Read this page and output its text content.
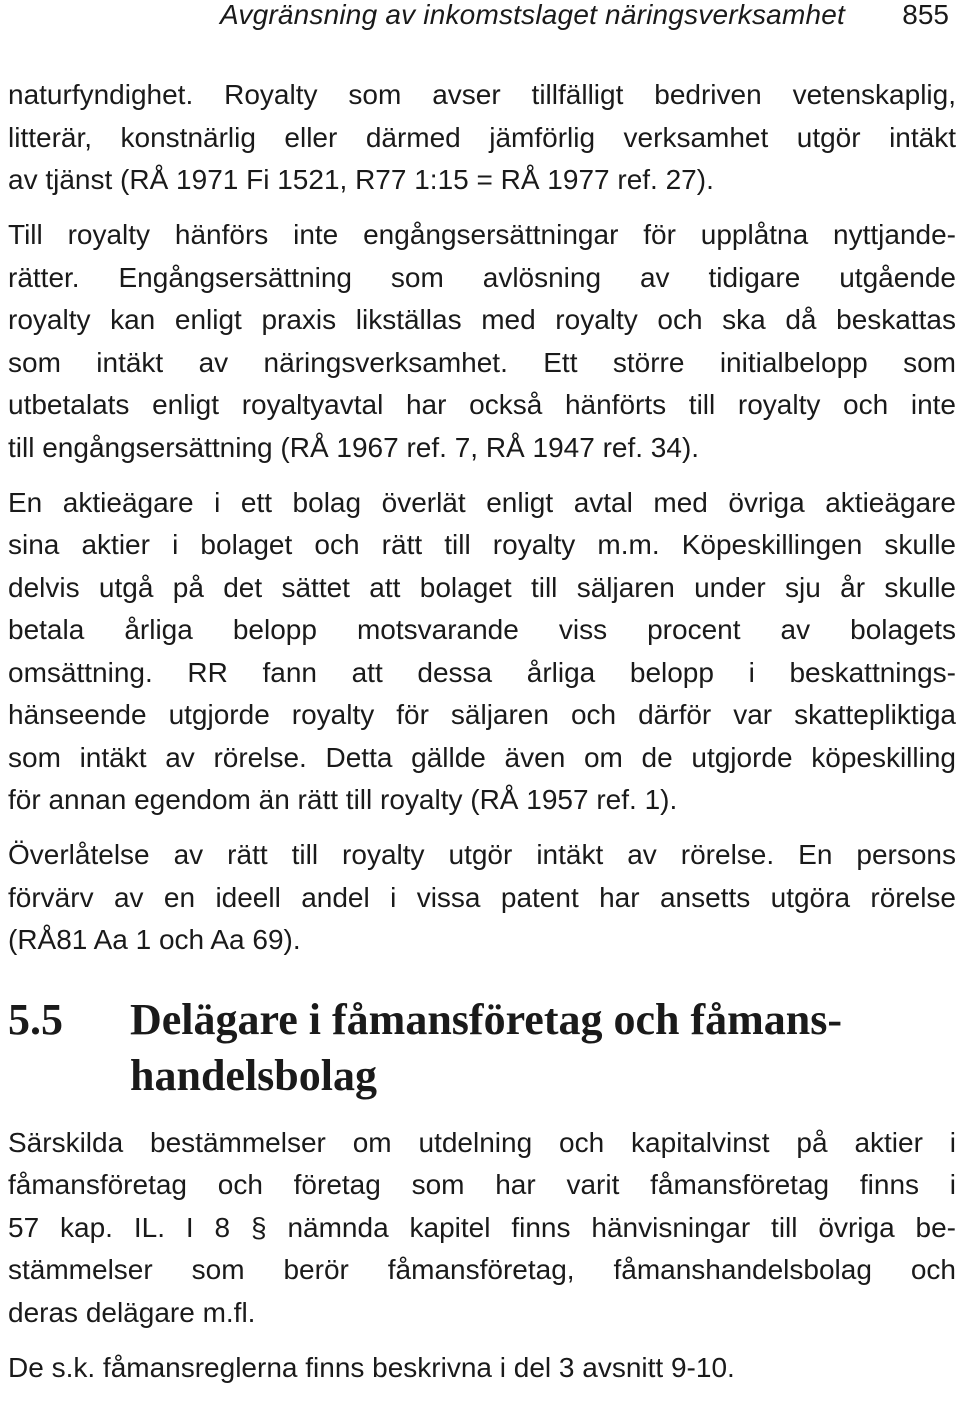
Avgränsning av inkomstslaget näringsverksamhet 855
naturfyndighet. Royalty som avser tillfälligt bedriven vetenskaplig,
litterär, konstnärlig eller därmed jämförlig verksamhet utgör intäkt
av tjänst (RÅ 1971 Fi 1521, R77 1:15 = RÅ 1977 ref. 27).
Till royalty hänförs inte engångsersättningar för upplåtna nyttjande-
rätter. Engångsersättning som avlösning av tidigare utgående
royalty kan enligt praxis likställas med royalty och ska då beskattas
som intäkt av näringsverksamhet. Ett större initialbelopp som
utbetalats enligt royaltyavtal har också hänförts till royalty och inte
till engångsersättning (RÅ 1967 ref. 7, RÅ 1947 ref. 34).
En aktieägare i ett bolag överlät enligt avtal med övriga aktieägare
sina aktier i bolaget och rätt till royalty m.m. Köpeskillingen skulle
delvis utgå på det sättet att bolaget till säljaren under sju år skulle
betala årliga belopp motsvarande viss procent av bolagets
omsättning. RR fann att dessa årliga belopp i beskattnings-
hänseende utgjorde royalty för säljaren och därför var skattepliktiga
som intäkt av rörelse. Detta gällde även om de utgjorde köpeskilling
för annan egendom än rätt till royalty (RÅ 1957 ref. 1).
Överlåtelse av rätt till royalty utgör intäkt av rörelse. En persons
förvärv av en ideell andel i vissa patent har ansetts utgöra rörelse
(RÅ81 Aa 1 och Aa 69).
5.5 Delägare i fåmansföretag och fåmans-
handelsbolag
Särskilda bestämmelser om utdelning och kapitalvinst på aktier i
fåmansföretag och företag som har varit fåmansföretag finns i
57 kap. IL. I 8 § nämnda kapitel finns hänvisningar till övriga be-
stämmelser som berör fåmansföretag, fåmanshandelsbolag och
deras delägare m.fl.
De s.k. fåmansreglerna finns beskrivna i del 3 avsnitt 9-10.
